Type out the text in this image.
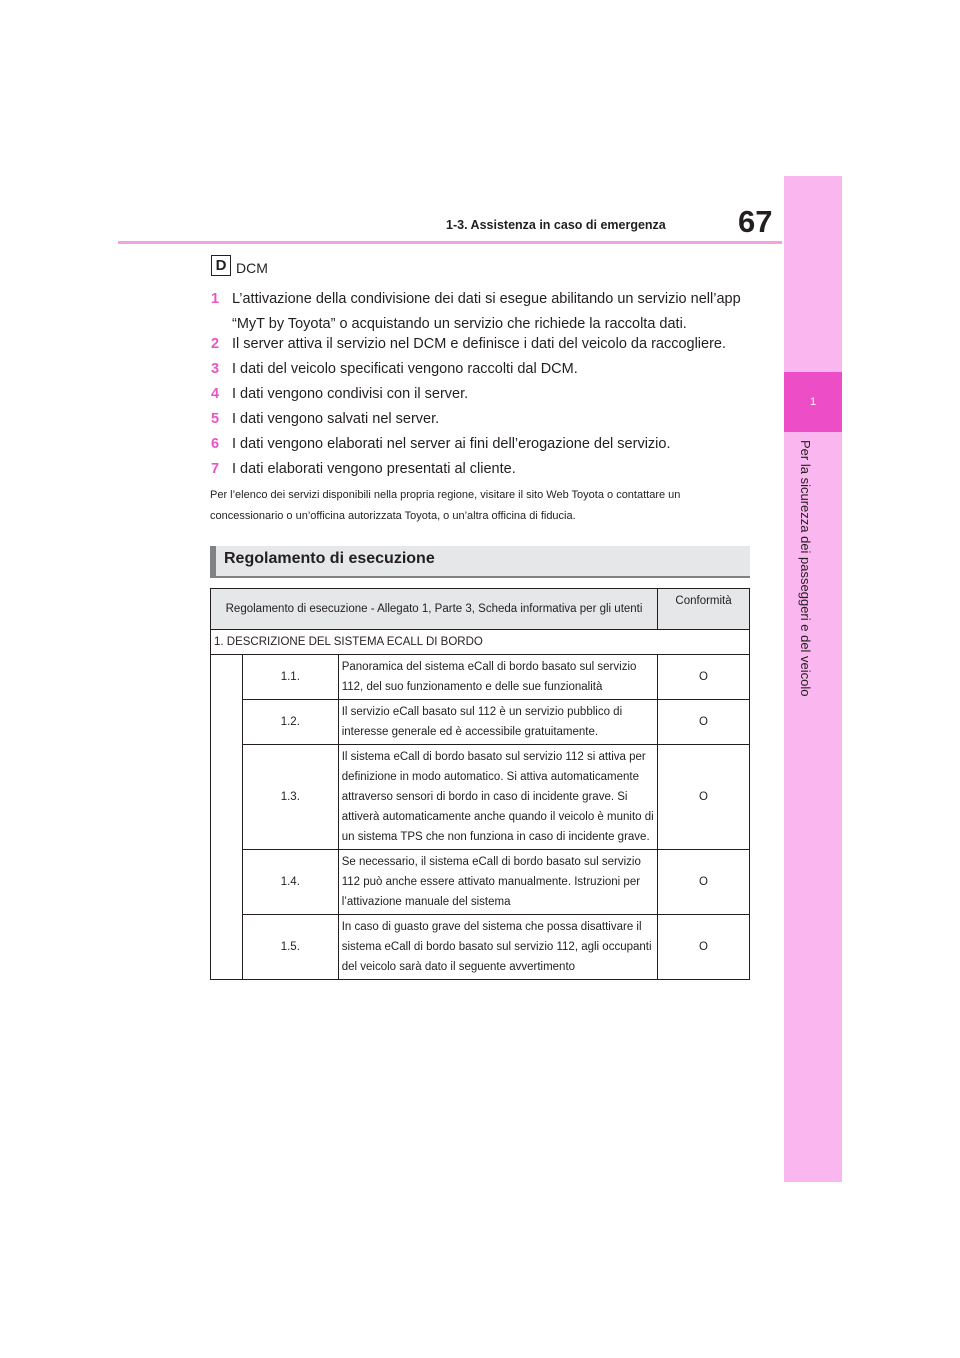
1
Per la sicurezza dei passeggeri e del veicolo
67
1-3. Assistenza in caso di emergenza
D DCM
1 L’attivazione della condivisione dei dati si esegue abilitando un servizio nell’app “MyT by Toyota” o acquistando un servizio che richiede la raccolta dati.
2 Il server attiva il servizio nel DCM e definisce i dati del veicolo da raccogliere.
3 I dati del veicolo specificati vengono raccolti dal DCM.
4 I dati vengono condivisi con il server.
5 I dati vengono salvati nel server.
6 I dati vengono elaborati nel server ai fini dell’erogazione del servizio.
7 I dati elaborati vengono presentati al cliente.
Per l’elenco dei servizi disponibili nella propria regione, visitare il sito Web Toyota o contattare un concessionario o un’officina autorizzata Toyota, o un’altra officina di fiducia.
Regolamento di esecuzione
Regolamento di esecuzione - Allegato 1, Parte 3, Scheda informativa per gli utenti			Conformità
1. DESCRIZIONE DEL SISTEMA ECALL DI BORDO			
	1.1.	Panoramica del sistema eCall di bordo basato sul servizio 112, del suo funzionamento e delle sue funzionalità	O
	1.2.	Il servizio eCall basato sul 112 è un servizio pubblico di interesse generale ed è accessibile gratuitamente.	O
	1.3.	Il sistema eCall di bordo basato sul servizio 112 si attiva per definizione in modo automatico. Si attiva automaticamente attraverso sensori di bordo in caso di incidente grave. Si attiverà automaticamente anche quando il veicolo è munito di un sistema TPS che non funziona in caso di incidente grave.	O
	1.4.	Se necessario, il sistema eCall di bordo basato sul servizio 112 può anche essere attivato manualmente. Istruzioni per l’attivazione manuale del sistema	O
	1.5.	In caso di guasto grave del sistema che possa disattivare il sistema eCall di bordo basato sul servizio 112, agli occupanti del veicolo sarà dato il seguente avvertimento	O
